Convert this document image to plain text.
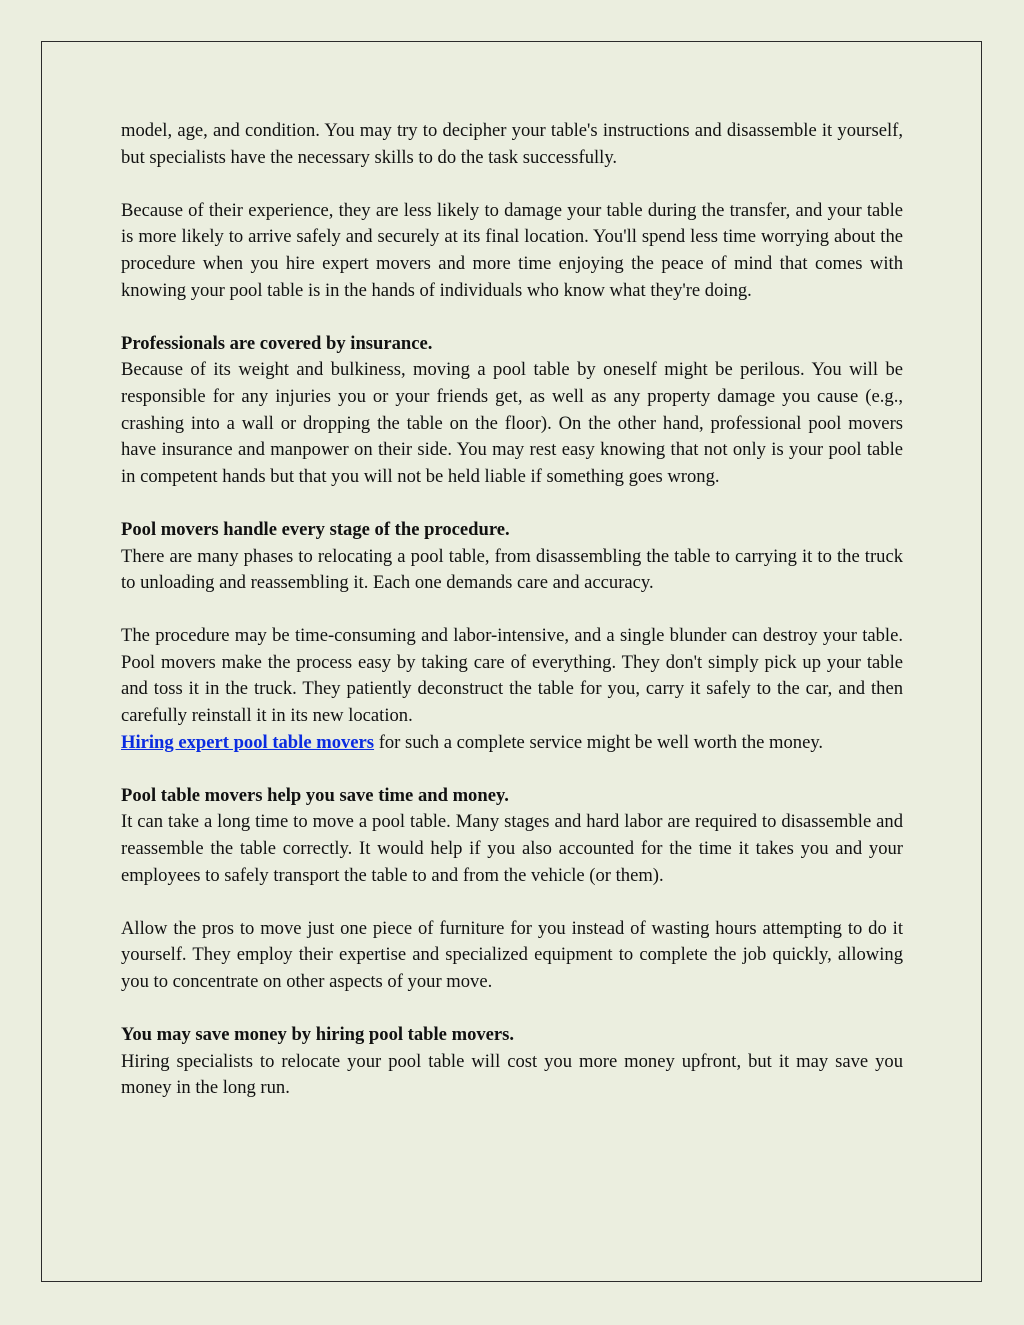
model, age, and condition. You may try to decipher your table's instructions and disassemble it yourself, but specialists have the necessary skills to do the task successfully.

Because of their experience, they are less likely to damage your table during the transfer, and your table is more likely to arrive safely and securely at its final location. You'll spend less time worrying about the procedure when you hire expert movers and more time enjoying the peace of mind that comes with knowing your pool table is in the hands of individuals who know what they're doing.

Professionals are covered by insurance.
Because of its weight and bulkiness, moving a pool table by oneself might be perilous. You will be responsible for any injuries you or your friends get, as well as any property damage you cause (e.g., crashing into a wall or dropping the table on the floor). On the other hand, professional pool movers have insurance and manpower on their side. You may rest easy knowing that not only is your pool table in competent hands but that you will not be held liable if something goes wrong.

Pool movers handle every stage of the procedure.
There are many phases to relocating a pool table, from disassembling the table to carrying it to the truck to unloading and reassembling it. Each one demands care and accuracy.

The procedure may be time-consuming and labor-intensive, and a single blunder can destroy your table. Pool movers make the process easy by taking care of everything. They don't simply pick up your table and toss it in the truck. They patiently deconstruct the table for you, carry it safely to the car, and then carefully reinstall it in its new location.
Hiring expert pool table movers for such a complete service might be well worth the money.

Pool table movers help you save time and money.
It can take a long time to move a pool table. Many stages and hard labor are required to disassemble and reassemble the table correctly. It would help if you also accounted for the time it takes you and your employees to safely transport the table to and from the vehicle (or them).

Allow the pros to move just one piece of furniture for you instead of wasting hours attempting to do it yourself. They employ their expertise and specialized equipment to complete the job quickly, allowing you to concentrate on other aspects of your move.

You may save money by hiring pool table movers.
Hiring specialists to relocate your pool table will cost you more money upfront, but it may save you money in the long run.
